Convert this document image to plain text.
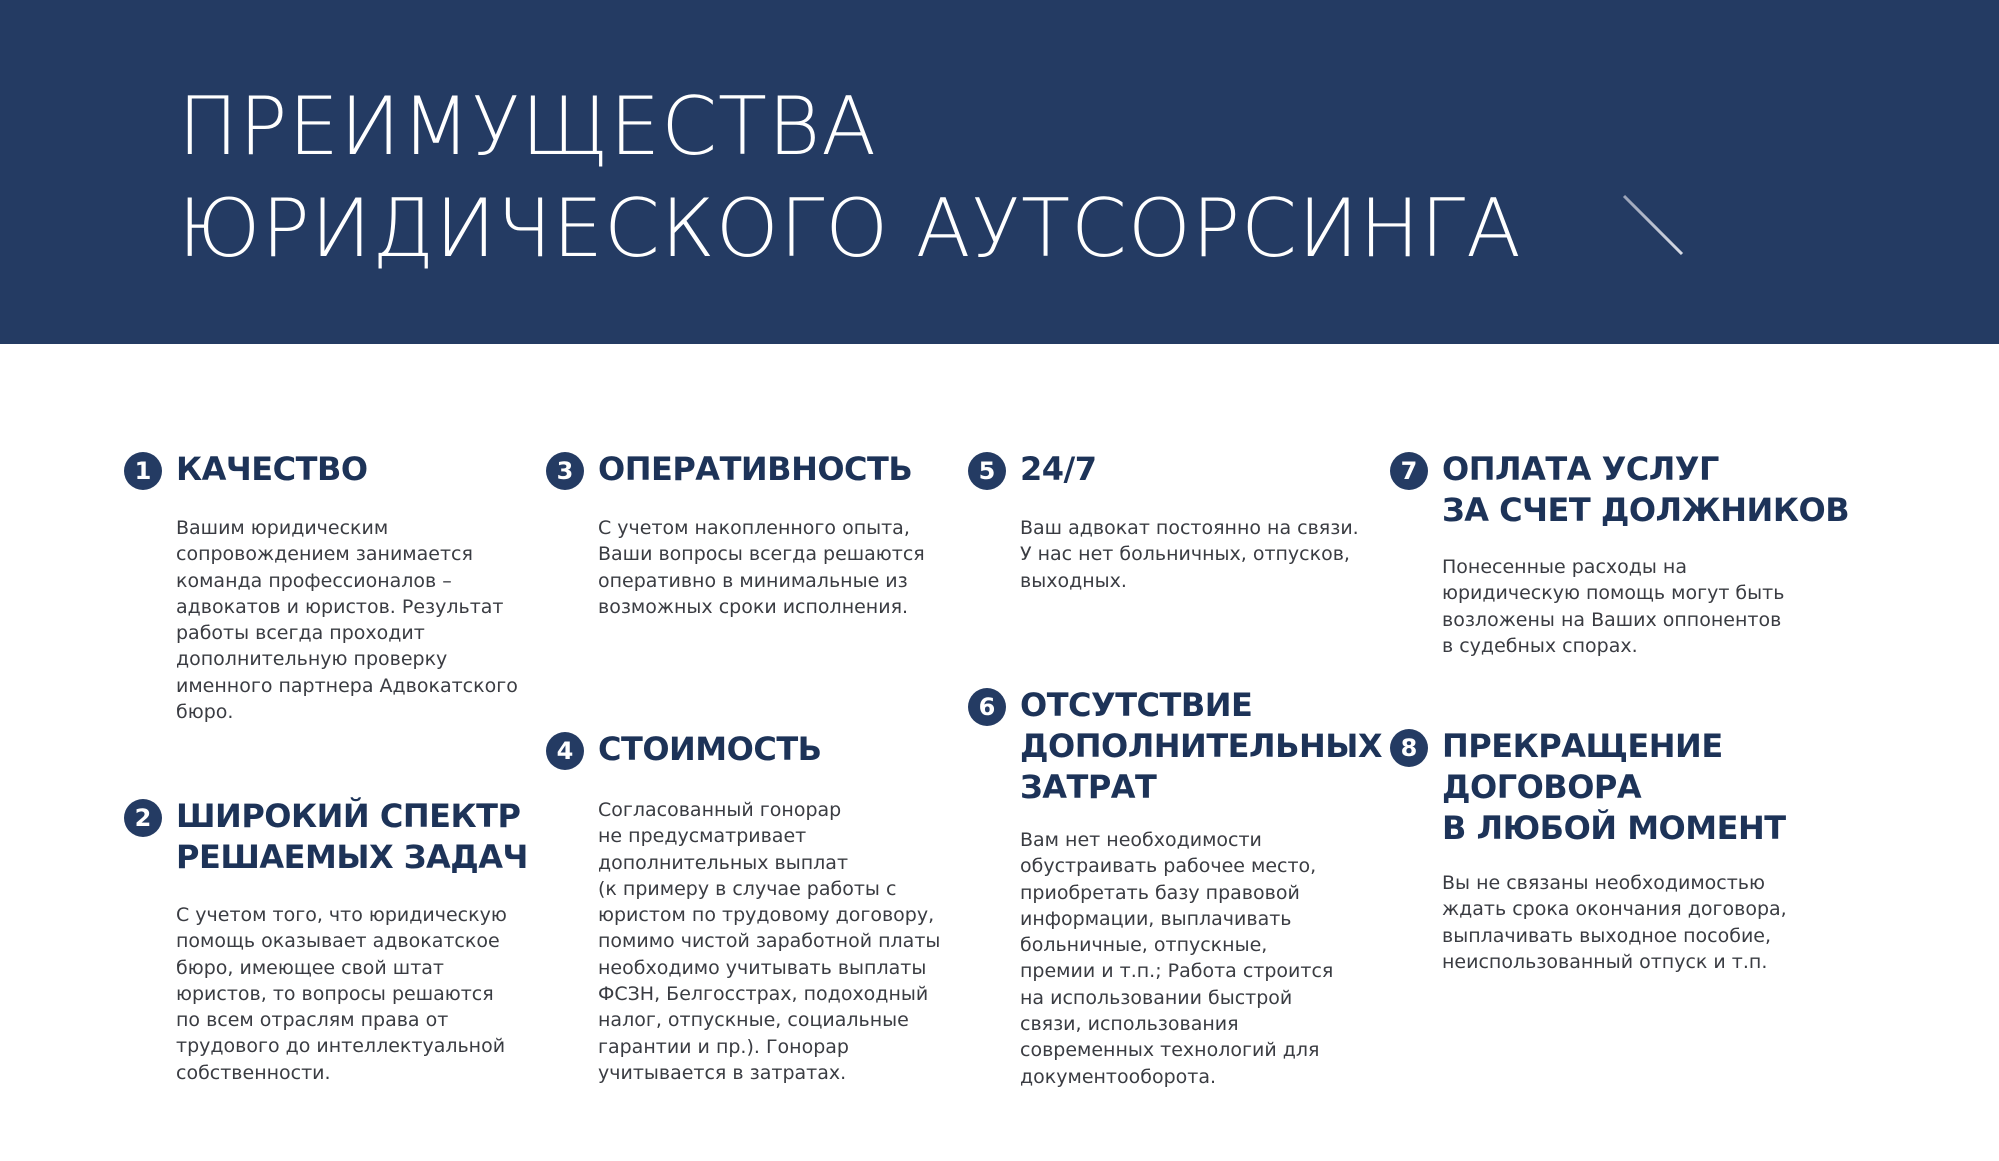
ПРЕИМУЩЕСТВА
ЮРИДИЧЕСКОГО АУТСОРСИНГА
1 КАЧЕСТВО
Вашим юридическим
сопровождением занимается
команда профессионалов –
адвокатов и юристов. Результат
работы всегда проходит
дополнительную проверку
именного партнера Адвокатского
бюро.
2 ШИРОКИЙ СПЕКТР
РЕШАЕМЫХ ЗАДАЧ
С учетом того, что юридическую
помощь оказывает адвокатское
бюро, имеющее свой штат
юристов, то вопросы решаются
по всем отраслям права от
трудового до интеллектуальной
собственности.
3 ОПЕРАТИВНОСТЬ
С учетом накопленного опыта,
Ваши вопросы всегда решаются
оперативно в минимальные из
возможных сроки исполнения.
4 СТОИМОСТЬ
Согласованный гонорар
не предусматривает
дополнительных выплат
(к примеру в случае работы с
юристом по трудовому договору,
помимо чистой заработной платы
необходимо учитывать выплаты
ФСЗН, Белгосстрах, подоходный
налог, отпускные, социальные
гарантии и пр.). Гонорар
учитывается в затратах.
5 24/7
Ваш адвокат постоянно на связи.
У нас нет больничных, отпусков,
выходных.
6 ОТСУТСТВИЕ
ДОПОЛНИТЕЛЬНЫХ
ЗАТРАТ
Вам нет необходимости
обустраивать рабочее место,
приобретать базу правовой
информации, выплачивать
больничные, отпускные,
премии и т.п.; Работа строится
на использовании быстрой
связи, использования
современных технологий для
документооборота.
7 ОПЛАТА УСЛУГ
ЗА СЧЕТ ДОЛЖНИКОВ
Понесенные расходы на
юридическую помощь могут быть
возложены на Ваших оппонентов
в судебных спорах.
8 ПРЕКРАЩЕНИЕ
ДОГОВОРА
В ЛЮБОЙ МОМЕНТ
Вы не связаны необходимостью
ждать срока окончания договора,
выплачивать выходное пособие,
неиспользованный отпуск и т.п.
